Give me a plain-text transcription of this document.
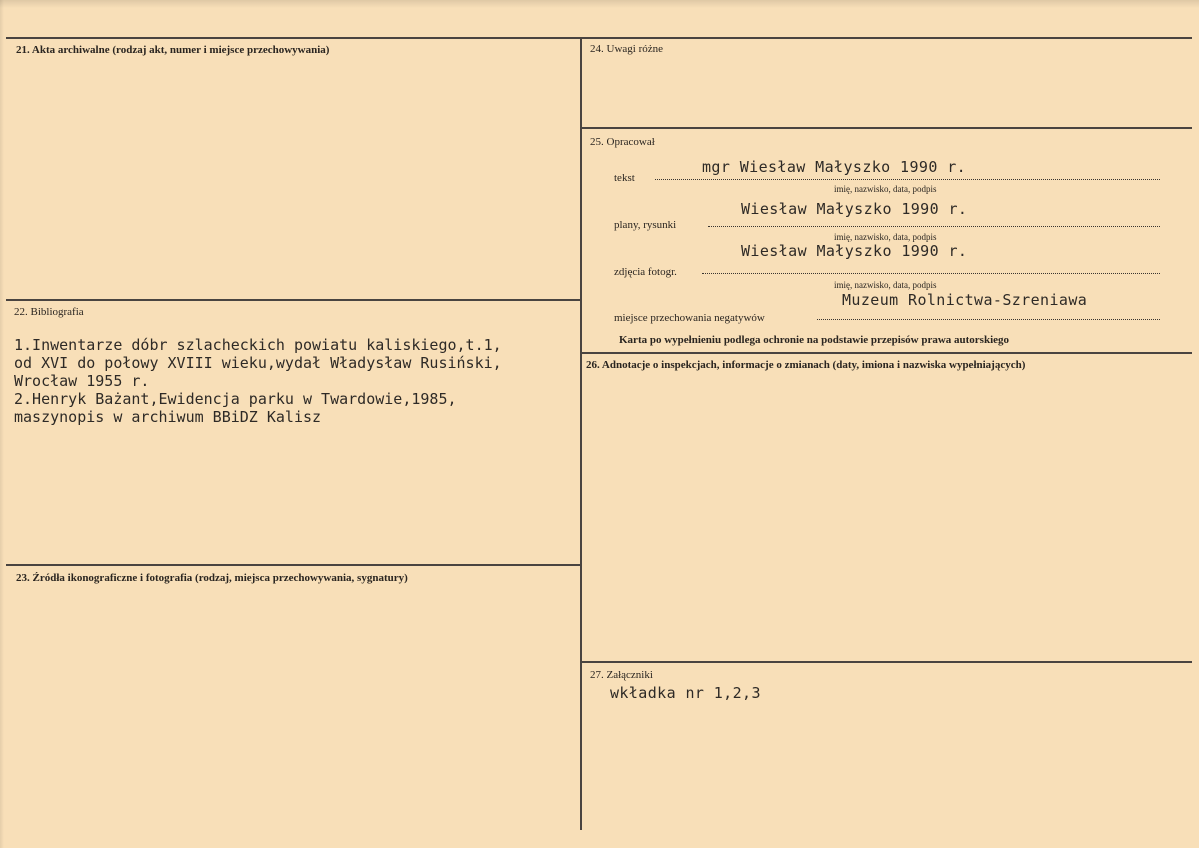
21. Akta archiwalne (rodzaj akt, numer i miejsce przechowywania)
22. Bibliografia
1.Inwentarze dóbr szlacheckich powiatu kaliskiego,t.1,
od XVI do połowy XVIII wieku,wydał Władysław Rusiński,
Wrocław 1955 r.
2.Henryk Bażant,Ewidencja parku w Twardowie,1985,
maszynopis w archiwum BBiDZ Kalisz
23. Źródła ikonograficzne i fotografia (rodzaj, miejsca przechowywania, sygnatury)
24. Uwagi różne
25. Opracował
tekst
mgr Wiesław Małyszko 1990 r.
imię, nazwisko, data, podpis
plany, rysunki
Wiesław Małyszko 1990 r.
imię, nazwisko, data, podpis
zdjęcia fotogr.
Wiesław Małyszko 1990 r.
imię, nazwisko, data, podpis
miejsce przechowania negatywów
Muzeum Rolnictwa-Szreniawa
Karta po wypełnieniu podlega ochronie na podstawie przepisów prawa autorskiego
26. Adnotacje o inspekcjach, informacje o zmianach (daty, imiona i nazwiska wypełniających)
27. Załączniki
wkładka nr 1,2,3
